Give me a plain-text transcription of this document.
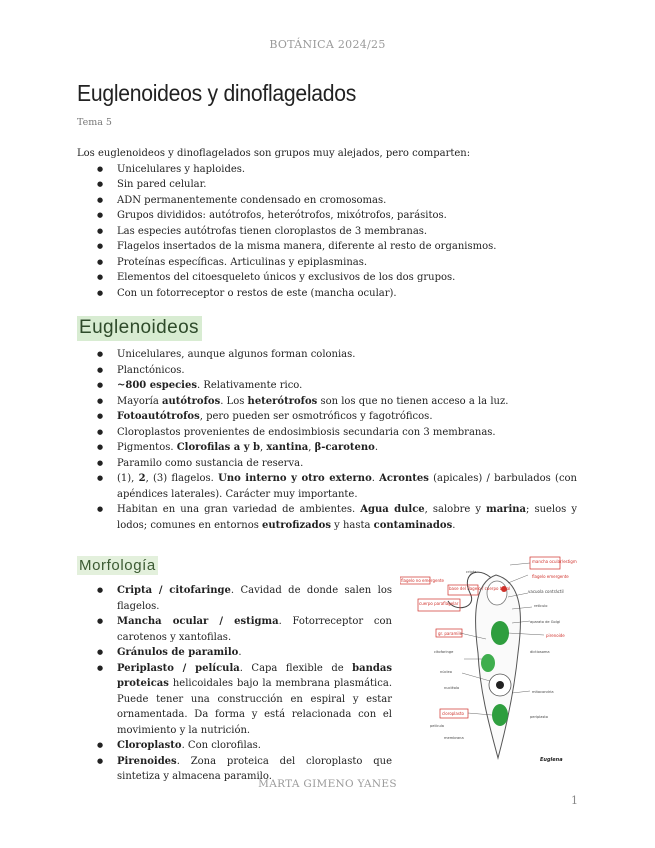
BOTÁNICA 2024/25
Euglenoideos y dinoflagelados
Tema 5
Los euglenoideos y dinoflagelados son grupos muy alejados, pero comparten:
● Unicelulares y haploides.
● Sin pared celular.
● ADN permanentemente condensado en cromosomas.
● Grupos divididos: autótrofos, heterótrofos, mixótrofos, parásitos.
● Las especies autótrofas tienen cloroplastos de 3 membranas.
● Flagelos insertados de la misma manera, diferente al resto de organismos.
● Proteínas específicas. Articulinas y epiplasminas.
● Elementos del citoesqueleto únicos y exclusivos de los dos grupos.
● Con un fotorreceptor o restos de este (mancha ocular).
Euglenoideos
● Unicelulares, aunque algunos forman colonias.
● Planctónicos.
● ~800 especies. Relativamente rico.
● Mayoría autótrofos. Los heterótrofos son los que no tienen acceso a la luz.
● Fotoautótrofos, pero pueden ser osmotróficos y fagotróficos.
● Cloroplastos provenientes de endosimbiosis secundaria con 3 membranas.
● Pigmentos. Clorofilas a y b, xantina, β-caroteno.
● Paramilo como sustancia de reserva.
● (1), 2, (3) flagelos. Uno interno y otro externo. Acrontes (apicales) / barbulados (con apéndices laterales). Carácter muy importante.
● Habitan en una gran variedad de ambientes. Agua dulce, salobre y marina; suelos y lodos; comunes en entornos eutrofizados y hasta contaminados.
Morfología
● Cripta / citofaringe. Cavidad de donde salen los flagelos.
● Mancha ocular / estigma. Fotorreceptor con carotenos y xantofilas.
● Gránulos de paramilo.
● Periplasto / película. Capa flexible de bandas proteicas helicoidales bajo la membrana plasmática. Puede tener una construcción en espiral y estar ornamentada. Da forma y está relacionada con el movimiento y la nutrición.
● Cloroplasto. Con clorofilas.
● Pirenoides. Zona proteica del cloroplasto que sintetiza y almacena paramilo.
mancha ocular/estigma
flagelo emergente
flagelo no emergente
base del flagelo / cuerpo basal
cuerpo paraflagelar
vacuola contráctil
pirenoide
gr. paramilo
cloroplasto
cripta
citofaringe
núcleo
nucléolo
película
mitocondria
retículo
aparato de Golgi
dictiosoma
periplasto
membrana
Euglena
MARTA GIMENO YANES
1
